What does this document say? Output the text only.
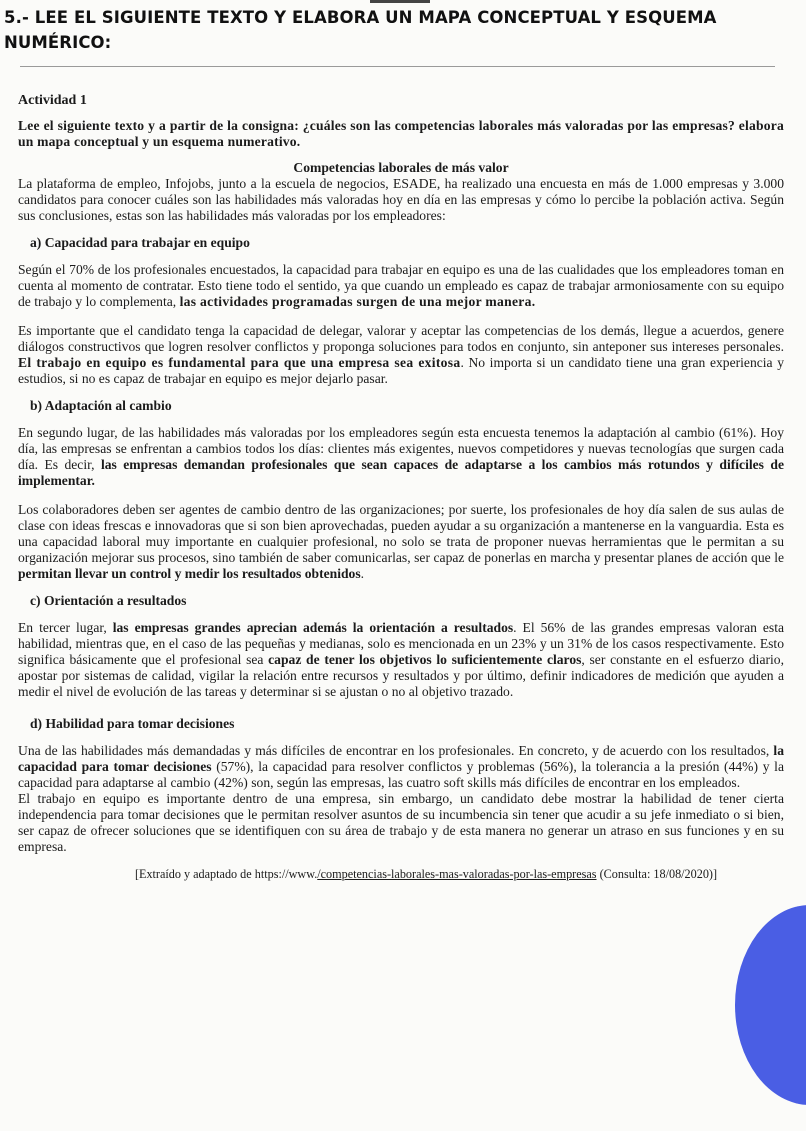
5.- LEE EL SIGUIENTE TEXTO Y ELABORA UN MAPA CONCEPTUAL Y ESQUEMA
NUMÉRICO:
Actividad 1

Lee el siguiente texto y a partir de la consigna: ¿cuáles son las competencias laborales más valoradas por las empresas? elabora un mapa conceptual y un esquema numerativo.

Competencias laborales de más valor

La plataforma de empleo, Infojobs, junto a la escuela de negocios, ESADE, ha realizado una encuesta en más de 1.000 empresas y 3.000 candidatos para conocer cuáles son las habilidades más valoradas hoy en día en las empresas y cómo lo percibe la población activa. Según sus conclusiones, estas son las habilidades más valoradas por los empleadores:

a) Capacidad para trabajar en equipo

Según el 70% de los profesionales encuestados, la capacidad para trabajar en equipo es una de las cualidades que los empleadores toman en cuenta al momento de contratar. Esto tiene todo el sentido, ya que cuando un empleado es capaz de trabajar armoniosamente con su equipo de trabajo y lo complementa, las actividades programadas surgen de una mejor manera.

Es importante que el candidato tenga la capacidad de delegar, valorar y aceptar las competencias de los demás, llegue a acuerdos, genere diálogos constructivos que logren resolver conflictos y proponga soluciones para todos en conjunto, sin anteponer sus intereses personales. El trabajo en equipo es fundamental para que una empresa sea exitosa. No importa si un candidato tiene una gran experiencia y estudios, si no es capaz de trabajar en equipo es mejor dejarlo pasar.

b) Adaptación al cambio

En segundo lugar, de las habilidades más valoradas por los empleadores según esta encuesta tenemos la adaptación al cambio (61%). Hoy día, las empresas se enfrentan a cambios todos los días: clientes más exigentes, nuevos competidores y nuevas tecnologías que surgen cada día. Es decir, las empresas demandan profesionales que sean capaces de adaptarse a los cambios más rotundos y difíciles de implementar.

Los colaboradores deben ser agentes de cambio dentro de las organizaciones; por suerte, los profesionales de hoy día salen de sus aulas de clase con ideas frescas e innovadoras que si son bien aprovechadas, pueden ayudar a su organización a mantenerse en la vanguardia. Esta es una capacidad laboral muy importante en cualquier profesional, no solo se trata de proponer nuevas herramientas que le permitan a su organización mejorar sus procesos, sino también de saber comunicarlas, ser capaz de ponerlas en marcha y presentar planes de acción que le permitan llevar un control y medir los resultados obtenidos.

c) Orientación a resultados

En tercer lugar, las empresas grandes aprecian además la orientación a resultados. El 56% de las grandes empresas valoran esta habilidad, mientras que, en el caso de las pequeñas y medianas, solo es mencionada en un 23% y un 31% de los casos respectivamente. Esto significa básicamente que el profesional sea capaz de tener los objetivos lo suficientemente claros, ser constante en el esfuerzo diario, apostar por sistemas de calidad, vigilar la relación entre recursos y resultados y por último, definir indicadores de medición que ayuden a medir el nivel de evolución de las tareas y determinar si se ajustan o no al objetivo trazado.

d) Habilidad para tomar decisiones

Una de las habilidades más demandadas y más difíciles de encontrar en los profesionales. En concreto, y de acuerdo con los resultados, la capacidad para tomar decisiones (57%), la capacidad para resolver conflictos y problemas (56%), la tolerancia a la presión (44%) y la capacidad para adaptarse al cambio (42%) son, según las empresas, las cuatro soft skills más difíciles de encontrar en los empleados.

El trabajo en equipo es importante dentro de una empresa, sin embargo, un candidato debe mostrar la habilidad de tener cierta independencia para tomar decisiones que le permitan resolver asuntos de su incumbencia sin tener que acudir a su jefe inmediato o si bien, ser capaz de ofrecer soluciones que se identifiquen con su área de trabajo y de esta manera no generar un atraso en sus funciones y en su empresa.

[Extraído y adaptado de https://www./competencias-laborales-mas-valoradas-por-las-empresas (Consulta: 18/08/2020)]
